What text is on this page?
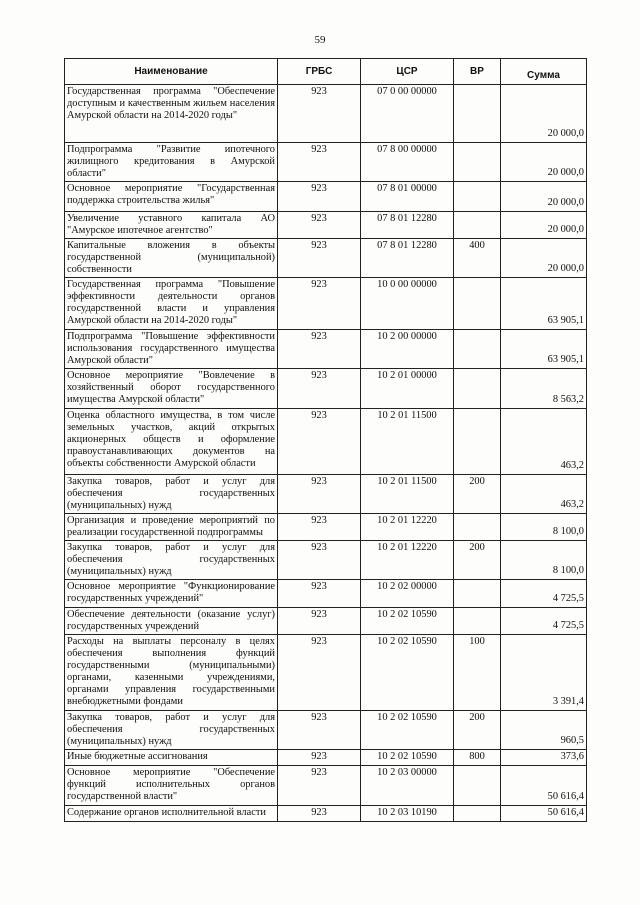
59
Наименование	ГРБС	ЦСР	ВР	Сумма
Государственная программа "Обеспечение доступным и качественным жильем населения Амурской области на 2014-2020 годы"	923	07 0 00 00000		20 000,0
Подпрограмма "Развитие ипотечного жилищного кредитования в Амурской области"	923	07 8 00 00000		20 000,0
Основное мероприятие "Государственная поддержка строительства жилья"	923	07 8 01 00000		20 000,0
Увеличение уставного капитала АО "Амурское ипотечное агентство"	923	07 8 01 12280		20 000,0
Капитальные вложения в объекты государственной (муниципальной) собственности	923	07 8 01 12280	400	20 000,0
Государственная программа "Повышение эффективности деятельности органов государственной власти и управления Амурской области на 2014-2020 годы"	923	10 0 00 00000		63 905,1
Подпрограмма "Повышение эффективности использования государственного имущества Амурской области"	923	10 2 00 00000		63 905,1
Основное мероприятие "Вовлечение в хозяйственный оборот государственного имущества Амурской области"	923	10 2 01 00000		8 563,2
Оценка областного имущества, в том числе земельных участков, акций открытых акционерных обществ и оформление правоустанавливающих документов на объекты собственности Амурской области	923	10 2 01 11500		463,2
Закупка товаров, работ и услуг для обеспечения государственных (муниципальных) нужд	923	10 2 01 11500	200	463,2
Организация и проведение мероприятий по реализации государственной подпрограммы	923	10 2 01 12220		8 100,0
Закупка товаров, работ и услуг для обеспечения государственных (муниципальных) нужд	923	10 2 01 12220	200	8 100,0
Основное мероприятие "Функционирование государственных учреждений"	923	10 2 02 00000		4 725,5
Обеспечение деятельности (оказание услуг) государственных учреждений	923	10 2 02 10590		4 725,5
Расходы на выплаты персоналу в целях обеспечения выполнения функций государственными (муниципальными) органами, казенными учреждениями, органами управления государственными внебюджетными фондами	923	10 2 02 10590	100	3 391,4
Закупка товаров, работ и услуг для обеспечения государственных (муниципальных) нужд	923	10 2 02 10590	200	960,5
Иные бюджетные ассигнования	923	10 2 02 10590	800	373,6
Основное мероприятие "Обеспечение функций исполнительных органов государственной власти"	923	10 2 03 00000		50 616,4
Содержание органов исполнительной власти	923	10 2 03 10190		50 616,4
